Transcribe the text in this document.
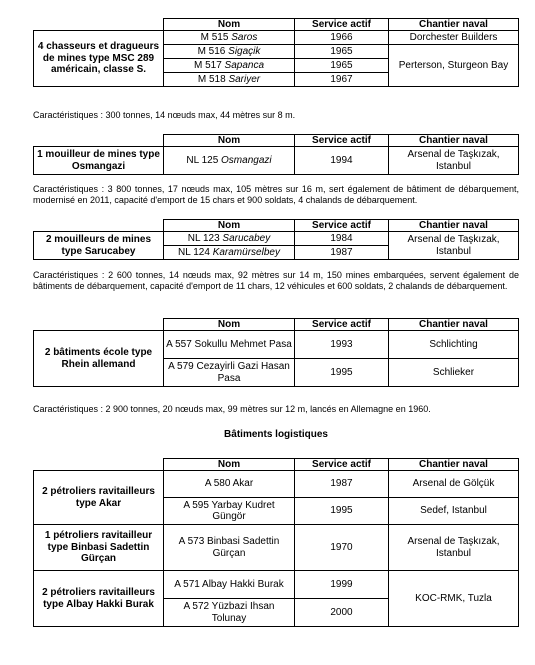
	Nom	Service actif	Chantier naval
4 chasseurs et dragueurs de mines type MSC 289 américain, classe S.	M 515 Saros	1966	Dorchester Builders
	M 516 Sigaçik	1965	Perterson, Sturgeon Bay
	M 517 Sapanca	1965	
	M 518 Sariyer	1967	

Caractéristiques : 300 tonnes, 14 nœuds max, 44 mètres sur 8 m.

	Nom	Service actif	Chantier naval
1 mouilleur de mines type Osmangazi	NL 125 Osmangazi	1994	Arsenal de Taşkızak, Istanbul

Caractéristiques : 3 800 tonnes, 17 nœuds max, 105 mètres sur 16 m, sert également de bâtiment de débarquement, modernisé en 2011, capacité d'emport de 15 chars et 900 soldats, 4 chalands de débarquement.

	Nom	Service actif	Chantier naval
2 mouilleurs de mines type Sarucabey	NL 123 Sarucabey	1984	Arsenal de Taşkızak, Istanbul
	NL 124 Karamürselbey	1987	

Caractéristiques : 2 600 tonnes, 14 nœuds max, 92 mètres sur 14 m, 150 mines embarquées, servent également de bâtiments de débarquement, capacité d'emport de 11 chars, 12 véhicules et 600 soldats, 2 chalands de débarquement.

	Nom	Service actif	Chantier naval
2 bâtiments école type Rhein allemand	A 557 Sokullu Mehmet Pasa	1993	Schlichting
	A 579 Cezayirli Gazi Hasan Pasa	1995	Schlieker

Caractéristiques : 2 900 tonnes, 20 nœuds max, 99 mètres sur 12 m, lancés en Allemagne en 1960.

Bâtiments logistiques
	Nom	Service actif	Chantier naval
2 pétroliers ravitailleurs type Akar	A 580 Akar	1987	Arsenal de Gölçük
	A 595 Yarbay Kudret Güngör	1995	Sedef, Istanbul
1 pétroliers ravitailleur type Binbasi Sadettin Gürçan	A 573 Binbasi Sadettin Gürçan	1970	Arsenal de Taşkızak, Istanbul
2 pétroliers ravitailleurs type Albay Hakki Burak	A 571 Albay Hakki Burak	1999	KOC-RMK, Tuzla
	A 572 Yüzbazi Ihsan Tolunay	2000	
